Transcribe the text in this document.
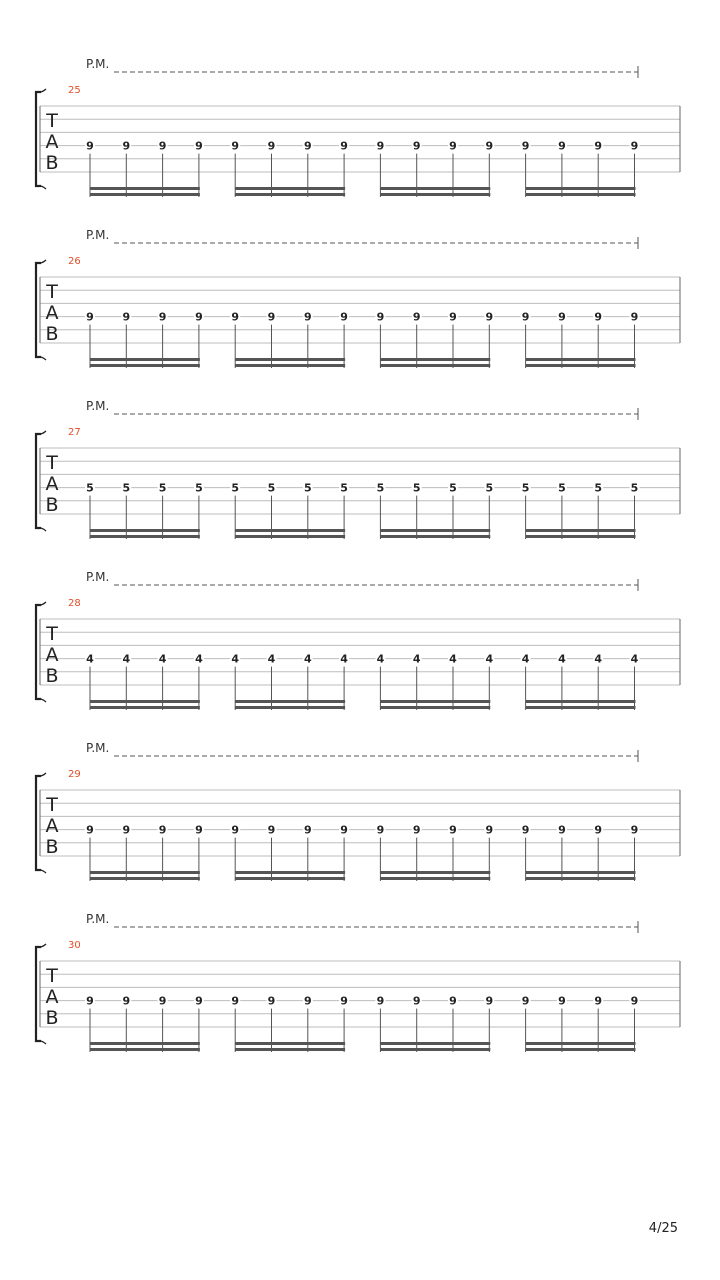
P.M.
25
T
A
B
9	9	9	9	9	9	9	9	9	9	9	9	9	9	9	9
P.M.
26
T
A
B
9	9	9	9	9	9	9	9	9	9	9	9	9	9	9	9
P.M.
27
T
A
B
5	5	5	5	5	5	5	5	5	5	5	5	5	5	5	5
P.M.
28
T
A
B
4	4	4	4	4	4	4	4	4	4	4	4	4	4	4	4
P.M.
29
T
A
B
9	9	9	9	9	9	9	9	9	9	9	9	9	9	9	9
P.M.
30
T
A
B
9	9	9	9	9	9	9	9	9	9	9	9	9	9	9	9
4/25
